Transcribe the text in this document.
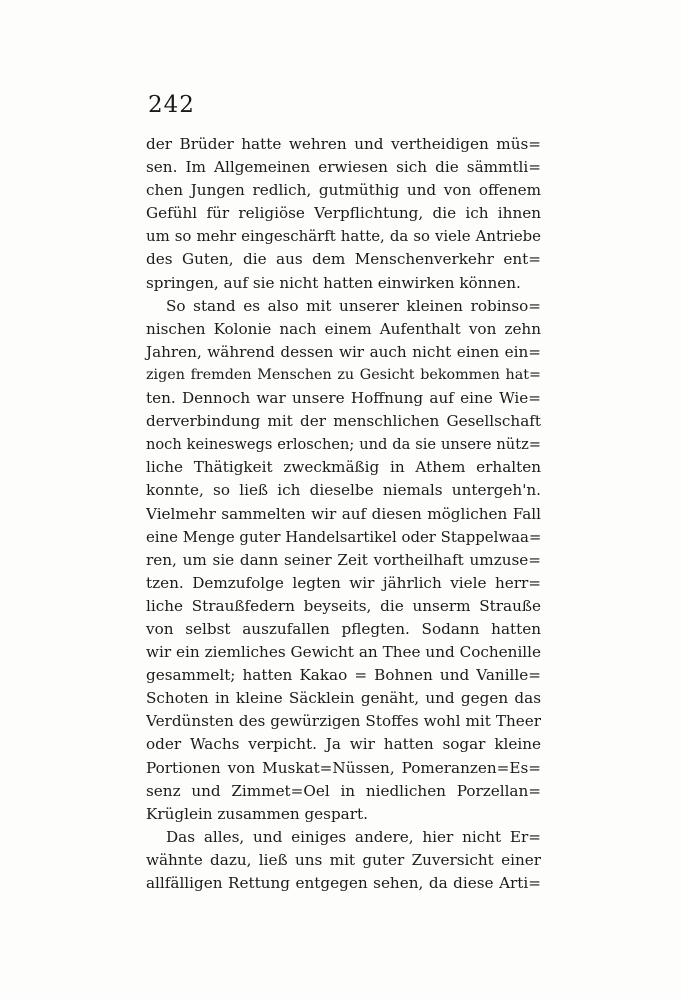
242
der Brüder hatte wehren und vertheidigen müs=
sen. Im Allgemeinen erwiesen sich die sämmtli=
chen Jungen redlich, gutmüthig und von offenem
Gefühl für religiöse Verpflichtung, die ich ihnen
um so mehr eingeschärft hatte, da so viele Antriebe
des Guten, die aus dem Menschenverkehr ent=
springen, auf sie nicht hatten einwirken können.
So stand es also mit unserer kleinen robinso=
nischen Kolonie nach einem Aufenthalt von zehn
Jahren, während dessen wir auch nicht einen ein=
zigen fremden Menschen zu Gesicht bekommen hat=
ten. Dennoch war unsere Hoffnung auf eine Wie=
derverbindung mit der menschlichen Gesellschaft
noch keineswegs erloschen; und da sie unsere nütz=
liche Thätigkeit zweckmäßig in Athem erhalten
konnte, so ließ ich dieselbe niemals untergeh'n.
Vielmehr sammelten wir auf diesen möglichen Fall
eine Menge guter Handelsartikel oder Stappelwaa=
ren, um sie dann seiner Zeit vortheilhaft umzuse=
tzen. Demzufolge legten wir jährlich viele herr=
liche Straußfedern beyseits, die unserm Strauße
von selbst auszufallen pflegten. Sodann hatten
wir ein ziemliches Gewicht an Thee und Cochenille
gesammelt; hatten Kakao = Bohnen und Vanille=
Schoten in kleine Säcklein genäht, und gegen das
Verdünsten des gewürzigen Stoffes wohl mit Theer
oder Wachs verpicht. Ja wir hatten sogar kleine
Portionen von Muskat=Nüssen, Pomeranzen=Es=
senz und Zimmet=Oel in niedlichen Porzellan=
Krüglein zusammen gespart.
Das alles, und einiges andere, hier nicht Er=
wähnte dazu, ließ uns mit guter Zuversicht einer
allfälligen Rettung entgegen sehen, da diese Arti=
